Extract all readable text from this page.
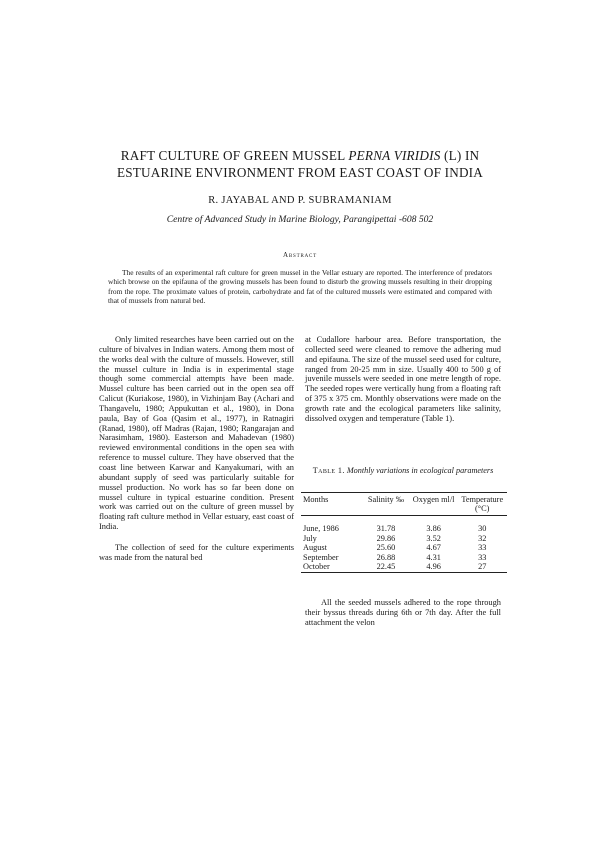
RAFT CULTURE OF GREEN MUSSEL PERNA VIRIDIS (L) IN
ESTUARINE ENVIRONMENT FROM EAST COAST OF INDIA
R. JAYABAL AND P. SUBRAMANIAM
Centre of Advanced Study in Marine Biology, Parangipettai -608 502
Abstract
The results of an experimental raft culture for green mussel in the Vellar estuary are reported. The interference of predators which browse on the epifauna of the growing mussels has been found to disturb the growing mussels resulting in their dropping from the rope. The proximate values of protein, carbohydrate and fat of the cultured mussels were estimated and compared with that of mussels from natural bed.

Only limited researches have been carried out on the culture of bivalves in Indian waters. Among them most of the works deal with the culture of mussels. However, still the mussel culture in India is in experimental stage though some commercial attempts have been made. Mussel culture has been carried out in the open sea off Calicut (Kuriakose, 1980), in Vizhinjam Bay (Achari and Thangavelu, 1980; Appukuttan et al., 1980), in Dona paula, Bay of Goa (Qasim et al., 1977), in Ratnagiri (Ranad, 1980), off Madras (Rajan, 1980; Rangarajan and Narasimham, 1980). Easterson and Mahadevan (1980) reviewed environmental conditions in the open sea with reference to mussel culture. They have observed that the coast line between Karwar and Kanyakumari, with an abundant supply of seed was particularly suitable for mussel production. No work has so far been done on mussel culture in typical estuarine condition. Present work was carried out on the culture of green mussel by floating raft culture method in Vellar estuary, east coast of India.

The collection of seed for the culture experiments was made from the natural bed

at Cudallore harbour area. Before transportation, the collected seed were cleaned to remove the adhering mud and epifauna. The size of the mussel seed used for culture, ranged from 20-25 mm in size. Usually 400 to 500 g of juvenile mussels were seeded in one metre length of rope. The seeded ropes were vertically hung from a floating raft of 375 x 375 cm. Monthly observations were made on the growth rate and the ecological parameters like salinity, dissolved oxygen and temperature (Table 1).

Table 1. Monthly variations in ecological parameters
Months	Salinity ‰	Oxygen ml/l	Temperature (°C)
June, 1986	31.78	3.86	30
July	29.86	3.52	32
August	25.60	4.67	33
September	26.88	4.31	33
October	22.45	4.96	27

All the seeded mussels adhered to the rope through their byssus threads during 6th or 7th day. After the full attachment the velon
